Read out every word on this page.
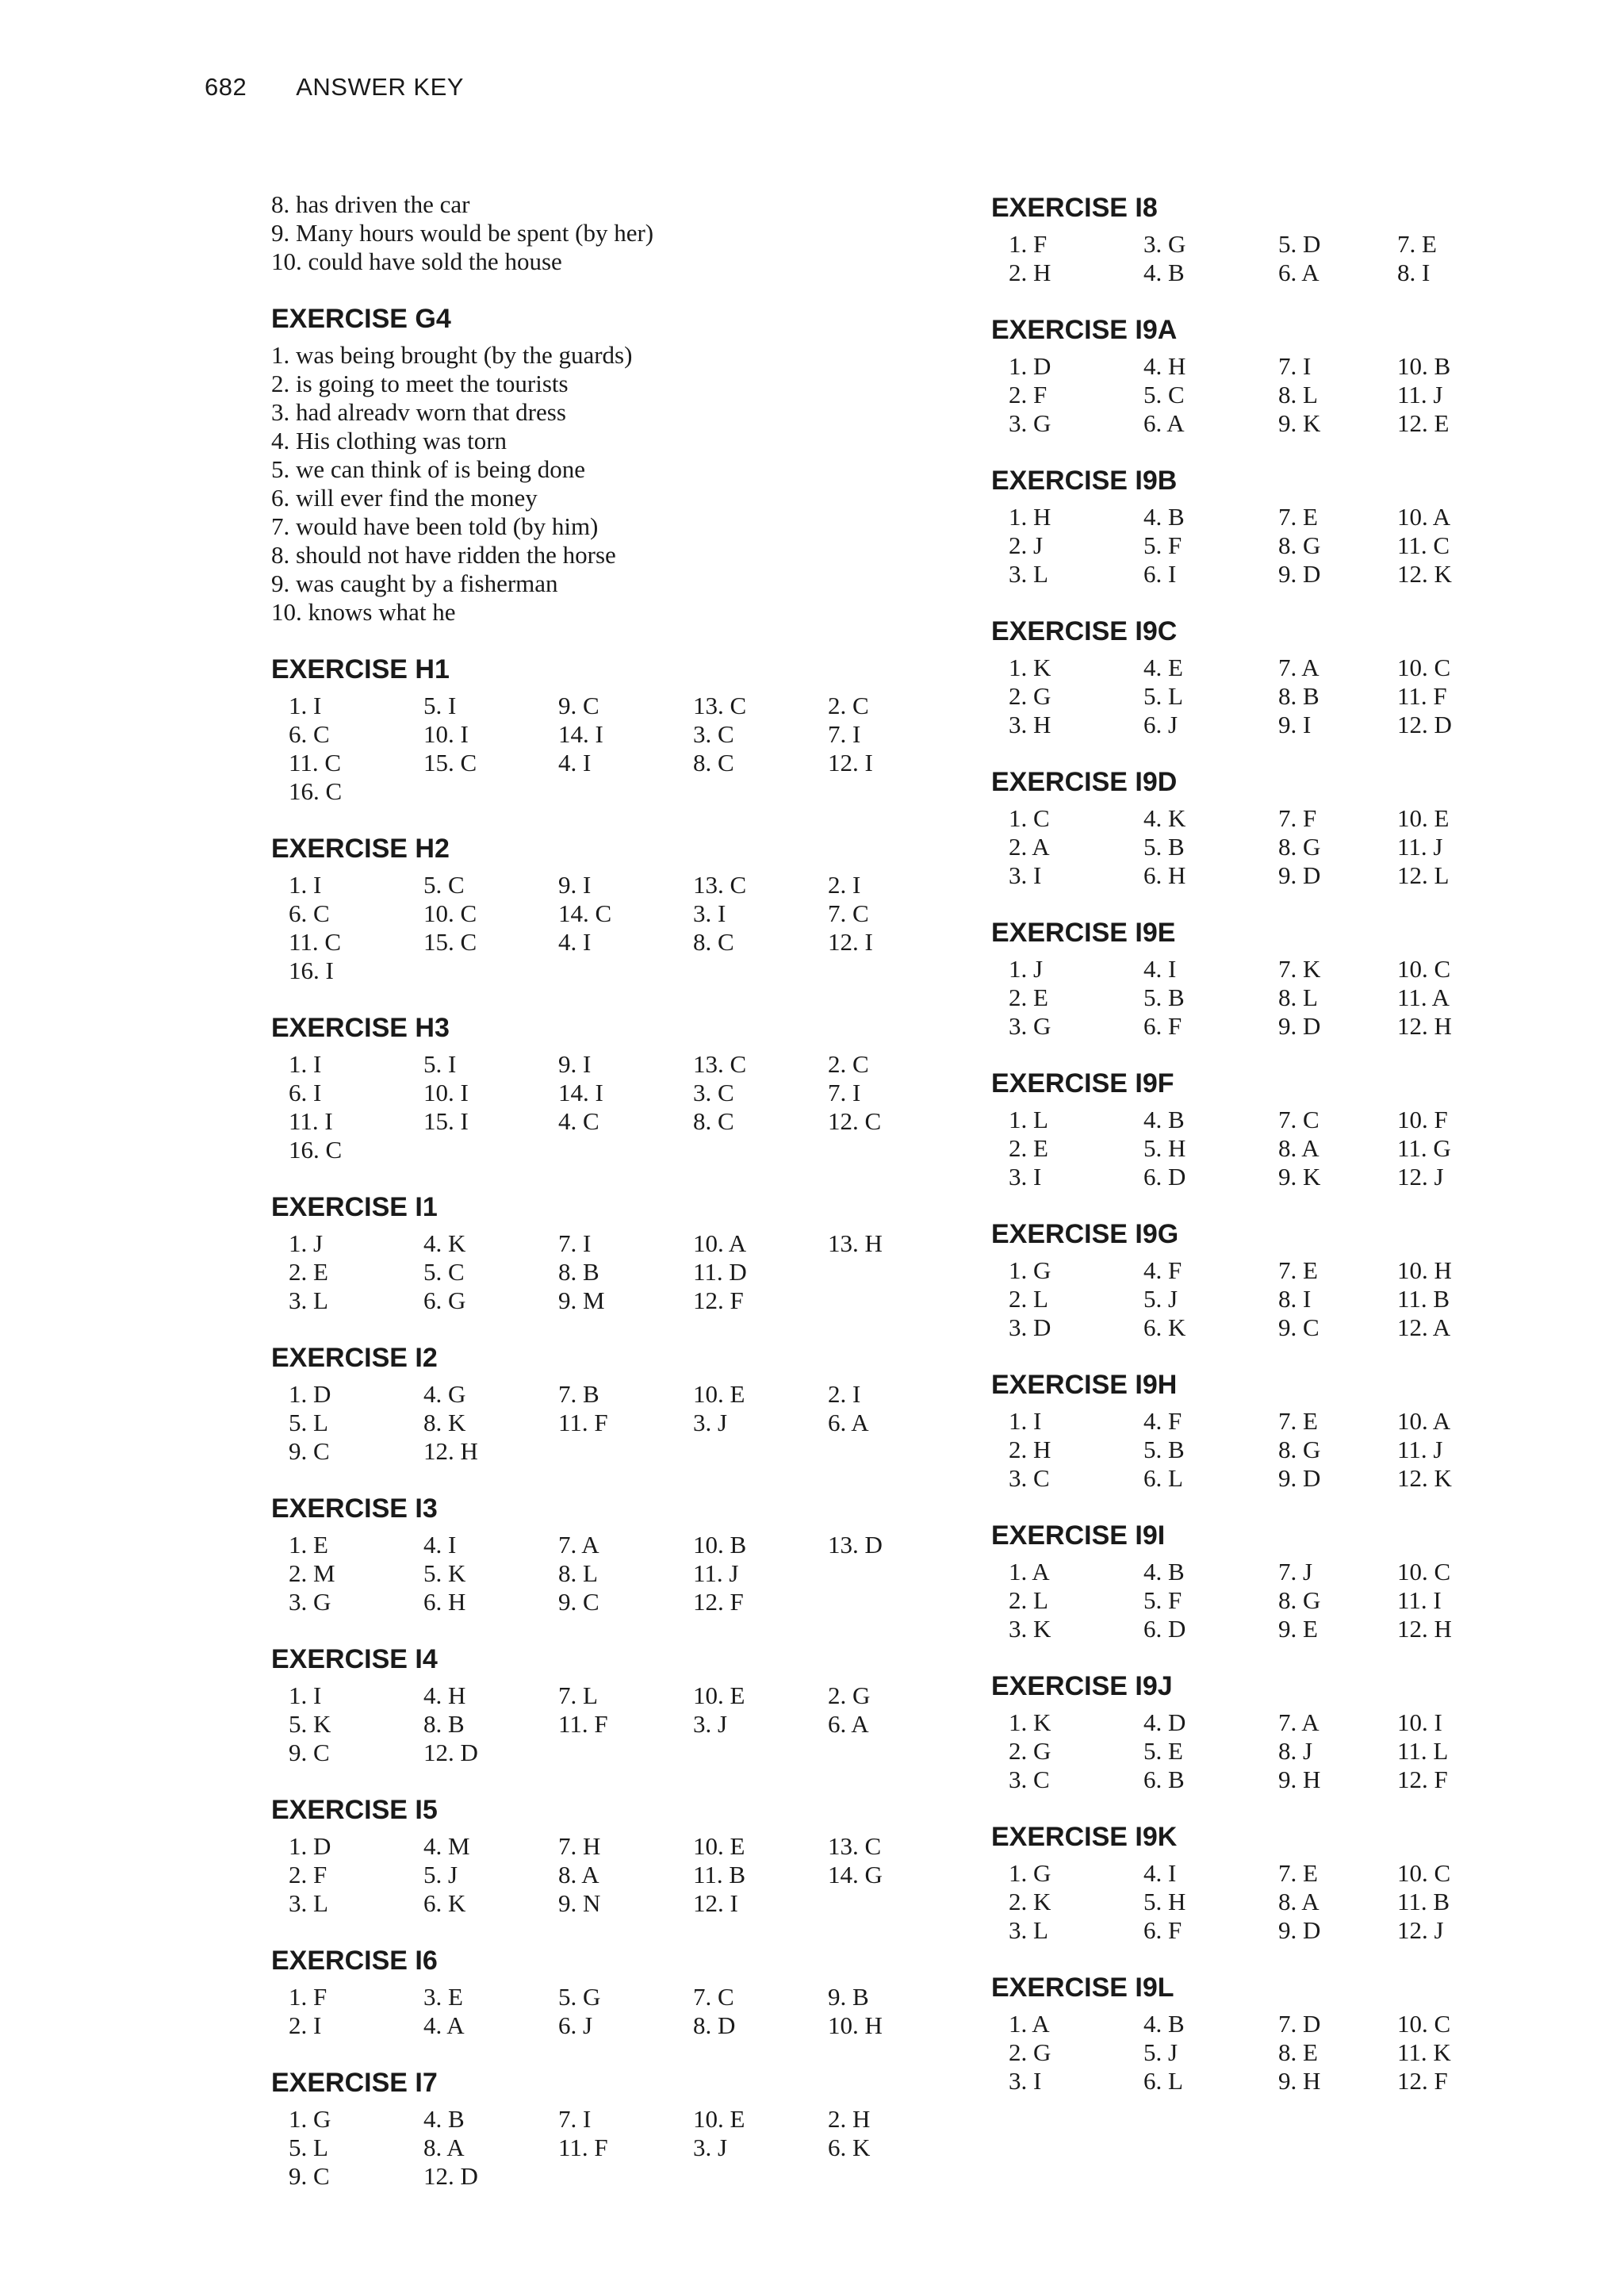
682 ANSWER KEY
8. has driven the car
9. Many hours would be spent (by her)
10. could have sold the house
EXERCISE G4
1. was being brought (by the guards)
2. is going to meet the tourists
3. had alreadv worn that dress
4. His clothing was torn
5. we can think of is being done
6. will ever find the money
7. would have been told (by him)
8. should not have ridden the horse
9. was caught by a fisherman
10. knows what he
EXERCISE H1
1. I	5. I	9. C	13. C	2. C
6. C	10. I	14. I	3. C	7. I
11. C	15. C	4. I	8. C	12. I
16. C
EXERCISE H2
1. I	5. C	9. I	13. C	2. I
6. C	10. C	14. C	3. I	7. C
11. C	15. C	4. I	8. C	12. I
16. I
EXERCISE H3
1. I	5. I	9. I	13. C	2. C
6. I	10. I	14. I	3. C	7. I
11. I	15. I	4. C	8. C	12. C
16. C
EXERCISE I1
1. J	4. K	7. I	10. A	13. H
2. E	5. C	8. B	11. D
3. L	6. G	9. M	12. F
EXERCISE I2
1. D	4. G	7. B	10. E	2. I
5. L	8. K	11. F	3. J	6. A
9. C	12. H
EXERCISE I3
1. E	4. I	7. A	10. B	13. D
2. M	5. K	8. L	11. J
3. G	6. H	9. C	12. F
EXERCISE I4
1. I	4. H	7. L	10. E	2. G
5. K	8. B	11. F	3. J	6. A
9. C	12. D
EXERCISE I5
1. D	4. M	7. H	10. E	13. C
2. F	5. J	8. A	11. B	14. G
3. L	6. K	9. N	12. I
EXERCISE I6
1. F	3. E	5. G	7. C	9. B
2. I	4. A	6. J	8. D	10. H
EXERCISE I7
1. G	4. B	7. I	10. E	2. H
5. L	8. A	11. F	3. J	6. K
9. C	12. D
EXERCISE I8
1. F	3. G	5. D	7. E
2. H	4. B	6. A	8. I
EXERCISE I9A
1. D	4. H	7. I	10. B
2. F	5. C	8. L	11. J
3. G	6. A	9. K	12. E
EXERCISE I9B
1. H	4. B	7. E	10. A
2. J	5. F	8. G	11. C
3. L	6. I	9. D	12. K
EXERCISE I9C
1. K	4. E	7. A	10. C
2. G	5. L	8. B	11. F
3. H	6. J	9. I	12. D
EXERCISE I9D
1. C	4. K	7. F	10. E
2. A	5. B	8. G	11. J
3. I	6. H	9. D	12. L
EXERCISE I9E
1. J	4. I	7. K	10. C
2. E	5. B	8. L	11. A
3. G	6. F	9. D	12. H
EXERCISE I9F
1. L	4. B	7. C	10. F
2. E	5. H	8. A	11. G
3. I	6. D	9. K	12. J
EXERCISE I9G
1. G	4. F	7. E	10. H
2. L	5. J	8. I	11. B
3. D	6. K	9. C	12. A
EXERCISE I9H
1. I	4. F	7. E	10. A
2. H	5. B	8. G	11. J
3. C	6. L	9. D	12. K
EXERCISE I9I
1. A	4. B	7. J	10. C
2. L	5. F	8. G	11. I
3. K	6. D	9. E	12. H
EXERCISE I9J
1. K	4. D	7. A	10. I
2. G	5. E	8. J	11. L
3. C	6. B	9. H	12. F
EXERCISE I9K
1. G	4. I	7. E	10. C
2. K	5. H	8. A	11. B
3. L	6. F	9. D	12. J
EXERCISE I9L
1. A	4. B	7. D	10. C
2. G	5. J	8. E	11. K
3. I	6. L	9. H	12. F
